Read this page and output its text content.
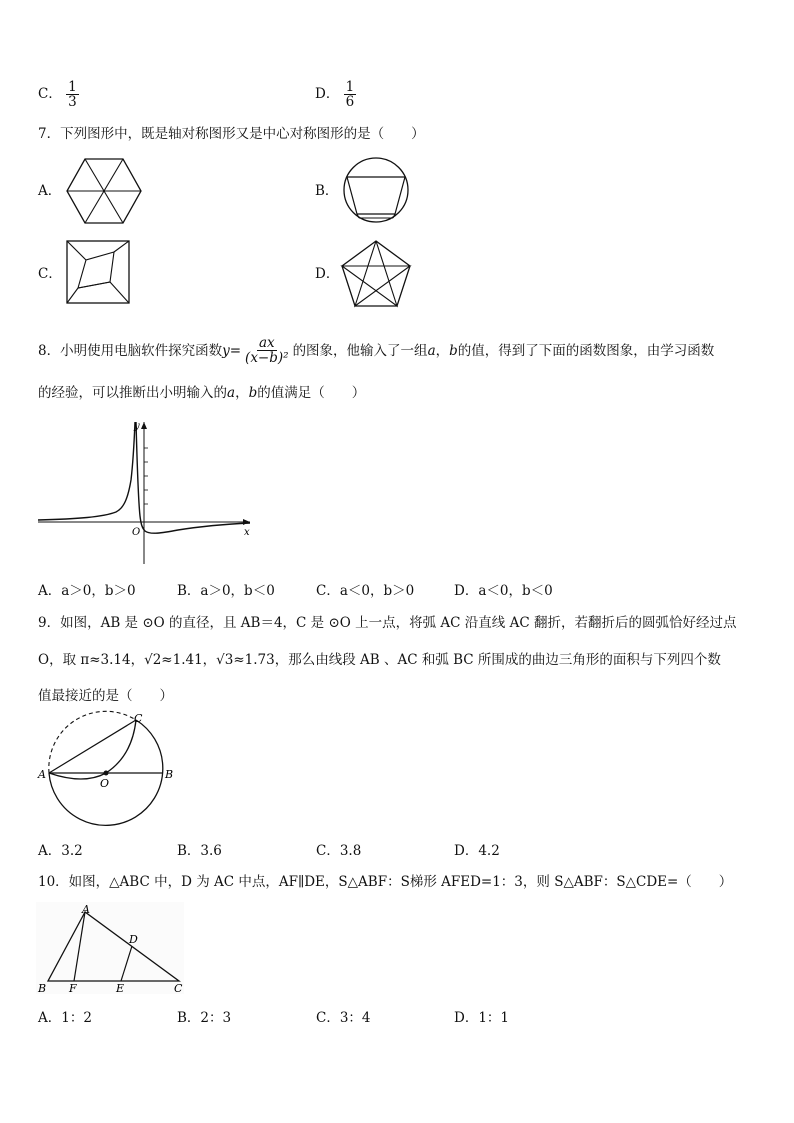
C． $\frac{1}{3}$	D． $\frac{1}{6}$
7．下列图形中，既是轴对称图形又是中心对称图形的是（　　）
A．	B．
C．	D．
8．小明使用电脑软件探究函数 $y = \frac{ax}{\text{(x−b)²}}$ 的图象，他输入了一组 a ， b 的值，得到了下面的函数图象，由学习函数
的经验，可以推断出小明输入的a，b的值满足（　　）
y
x
O
A．a＞0，b＞0	B．a＞0，b＜0	C．a＜0，b＞0	D．a＜0，b＜0
9．如图，AB 是 ⊙O 的直径，且 AB＝4，C 是 ⊙O 上一点，将弧 AC 沿直线 AC 翻折，若翻折后的圆弧恰好经过点
O，取 π≈3.14，√2≈1.41，√3≈1.73，那么由线段 AB 、AC 和弧 BC 所围成的曲边三角形的面积与下列四个数
值最接近的是（　　）
A	B
C
O
A．3.2	B．3.6	C．3.8	D．4.2
10．如图，△ABC 中，D 为 AC 中点，AF∥DE，S△ABF：S梯形 AFED=1：3，则 S△ABF：S△CDE=（　　）
A
D
B F	E	C
A．1：2	B．2：3	C．3：4	D．1：1
